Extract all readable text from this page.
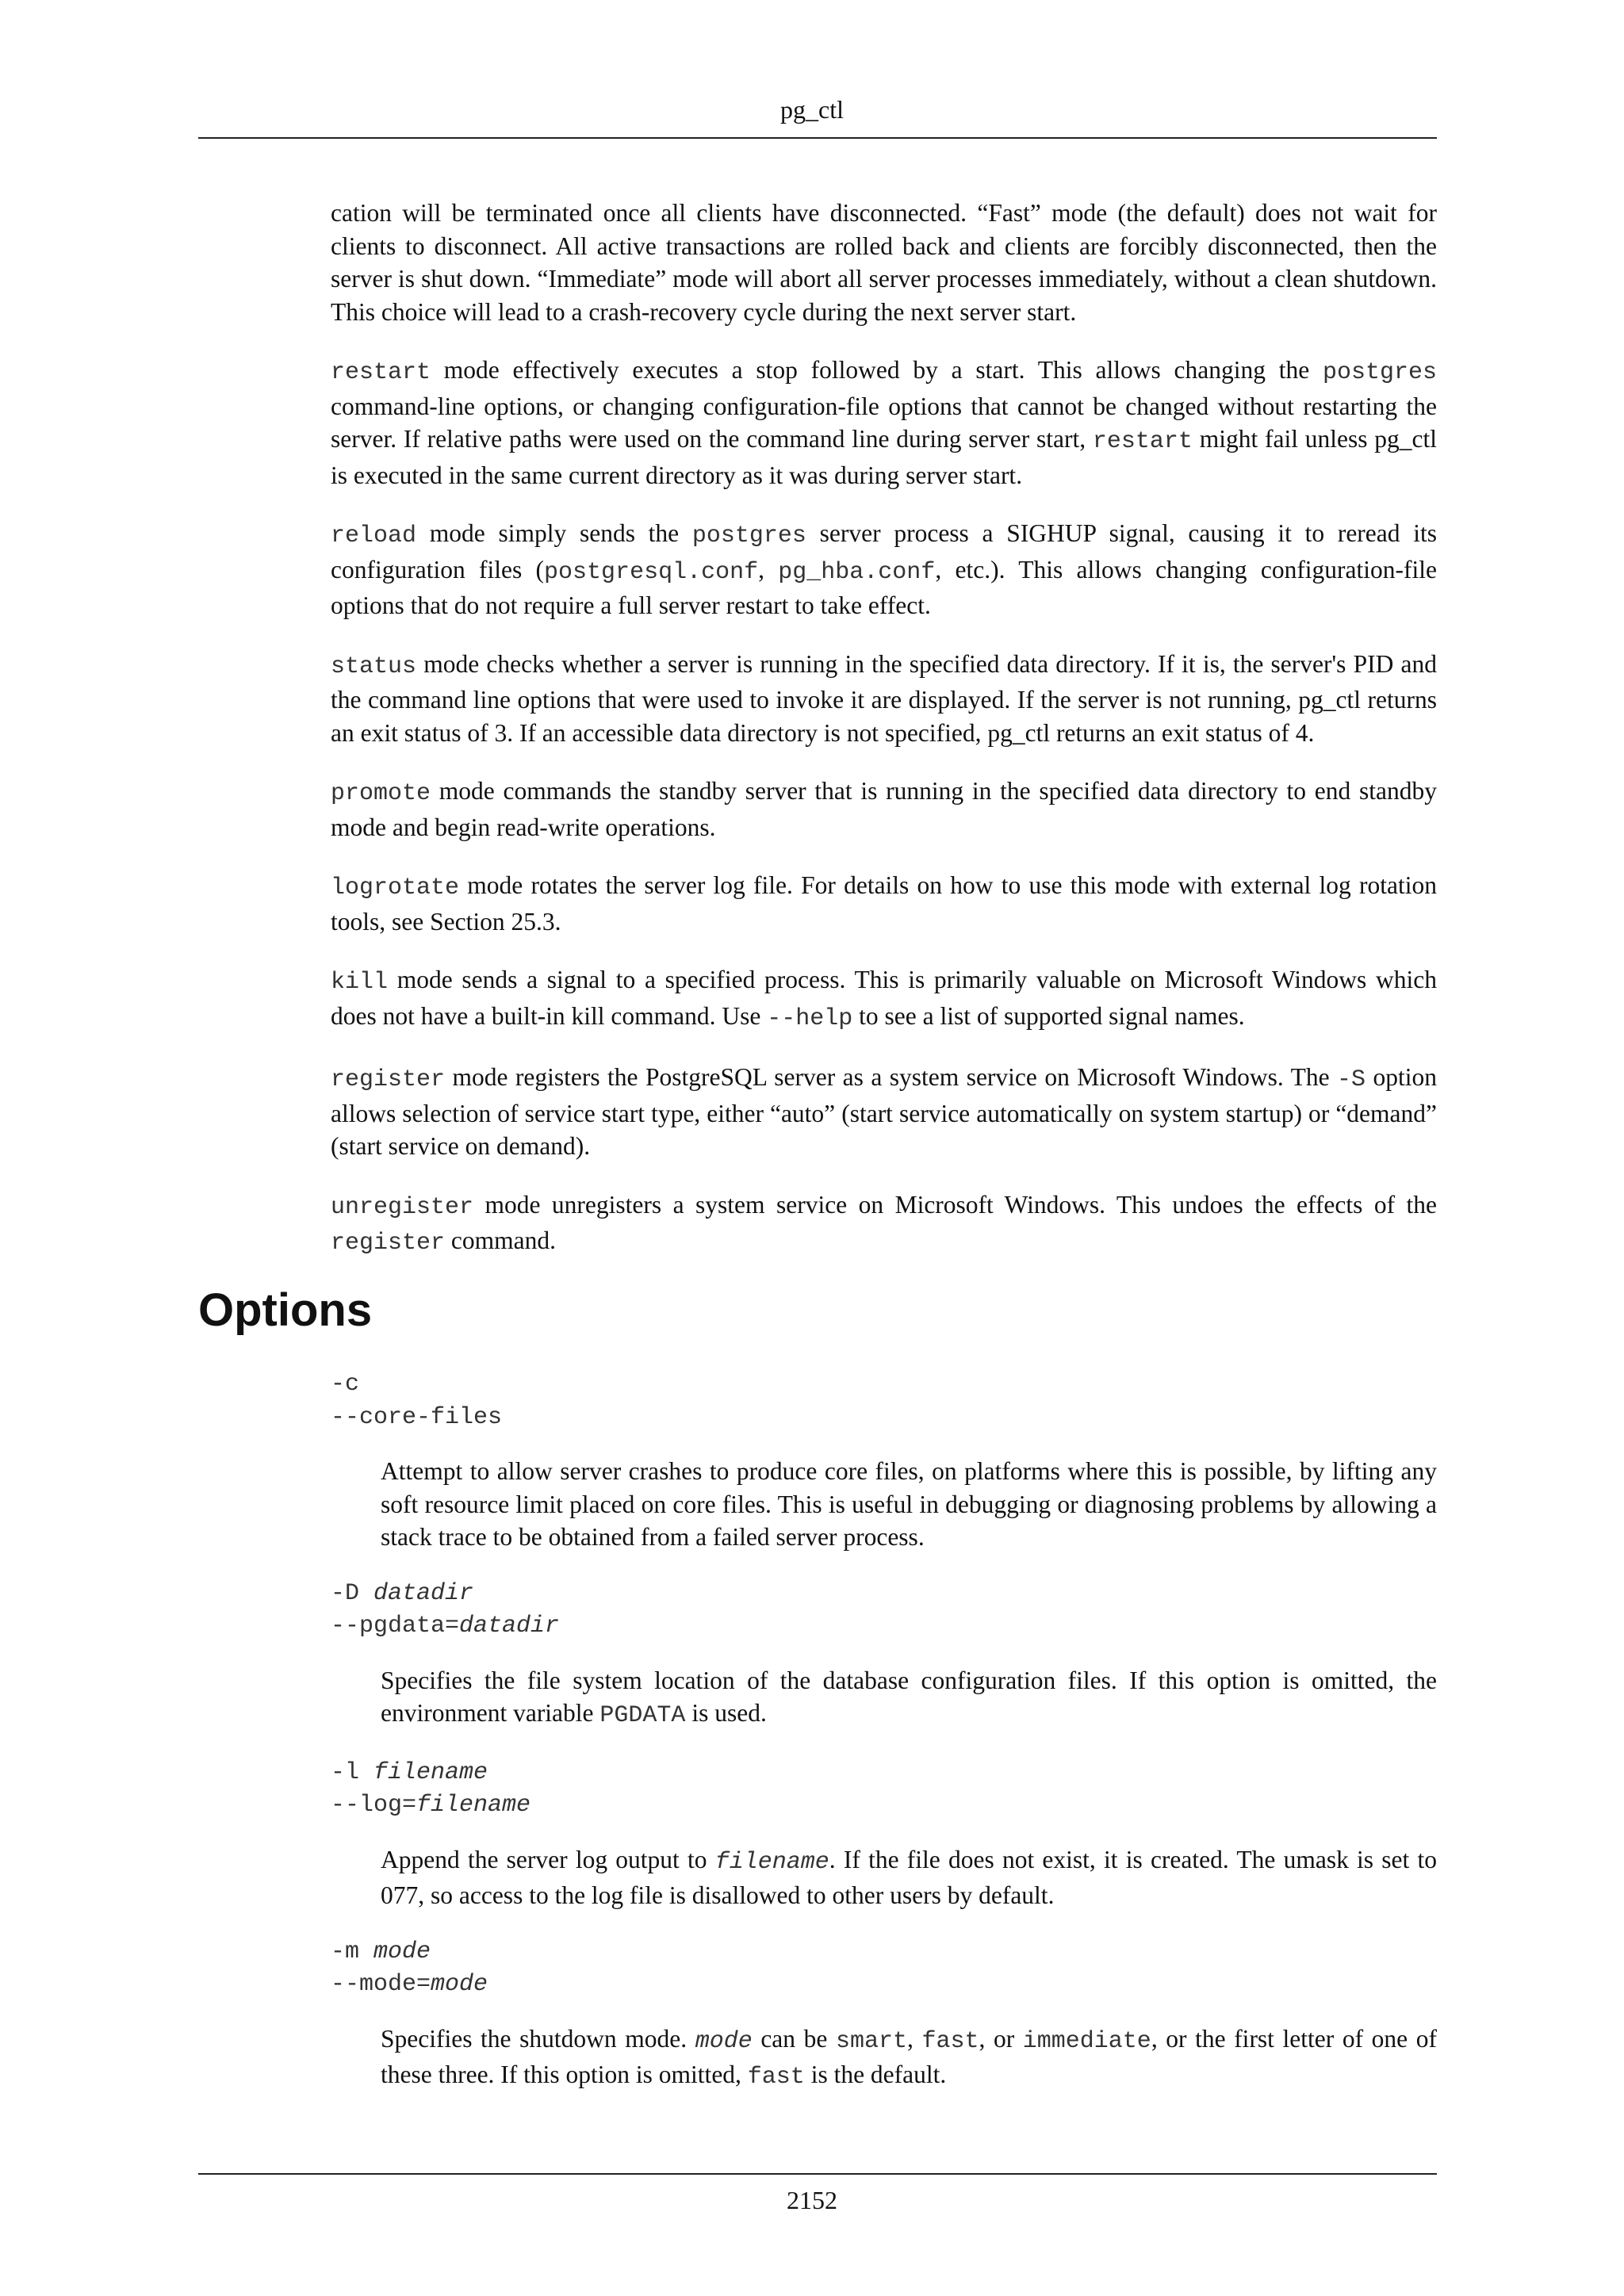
pg_ctl

cation will be terminated once all clients have disconnected. “Fast” mode (the default) does not wait for clients to disconnect. All active transactions are rolled back and clients are forcibly disconnected, then the server is shut down. “Immediate” mode will abort all server processes immediately, without a clean shutdown. This choice will lead to a crash-recovery cycle during the next server start.

restart mode effectively executes a stop followed by a start. This allows changing the postgres command-line options, or changing configuration-file options that cannot be changed without restarting the server. If relative paths were used on the command line during server start, restart might fail unless pg_ctl is executed in the same current directory as it was during server start.

reload mode simply sends the postgres server process a SIGHUP signal, causing it to reread its configuration files (postgresql.conf, pg_hba.conf, etc.). This allows changing configuration-file options that do not require a full server restart to take effect.

status mode checks whether a server is running in the specified data directory. If it is, the server's PID and the command line options that were used to invoke it are displayed. If the server is not running, pg_ctl returns an exit status of 3. If an accessible data directory is not specified, pg_ctl returns an exit status of 4.

promote mode commands the standby server that is running in the specified data directory to end standby mode and begin read-write operations.

logrotate mode rotates the server log file. For details on how to use this mode with external log rotation tools, see Section 25.3.

kill mode sends a signal to a specified process. This is primarily valuable on Microsoft Windows which does not have a built-in kill command. Use --help to see a list of supported signal names.

register mode registers the PostgreSQL server as a system service on Microsoft Windows. The -S option allows selection of service start type, either “auto” (start service automatically on system startup) or “demand” (start service on demand).

unregister mode unregisters a system service on Microsoft Windows. This undoes the effects of the register command.

Options
-c
--core-files

Attempt to allow server crashes to produce core files, on platforms where this is possible, by lifting any soft resource limit placed on core files. This is useful in debugging or diagnosing problems by allowing a stack trace to be obtained from a failed server process.

-D datadir
--pgdata=datadir

Specifies the file system location of the database configuration files. If this option is omitted, the environment variable PGDATA is used.

-l filename
--log=filename

Append the server log output to filename. If the file does not exist, it is created. The umask is set to 077, so access to the log file is disallowed to other users by default.

-m mode
--mode=mode

Specifies the shutdown mode. mode can be smart, fast, or immediate, or the first letter of one of these three. If this option is omitted, fast is the default.

2152
